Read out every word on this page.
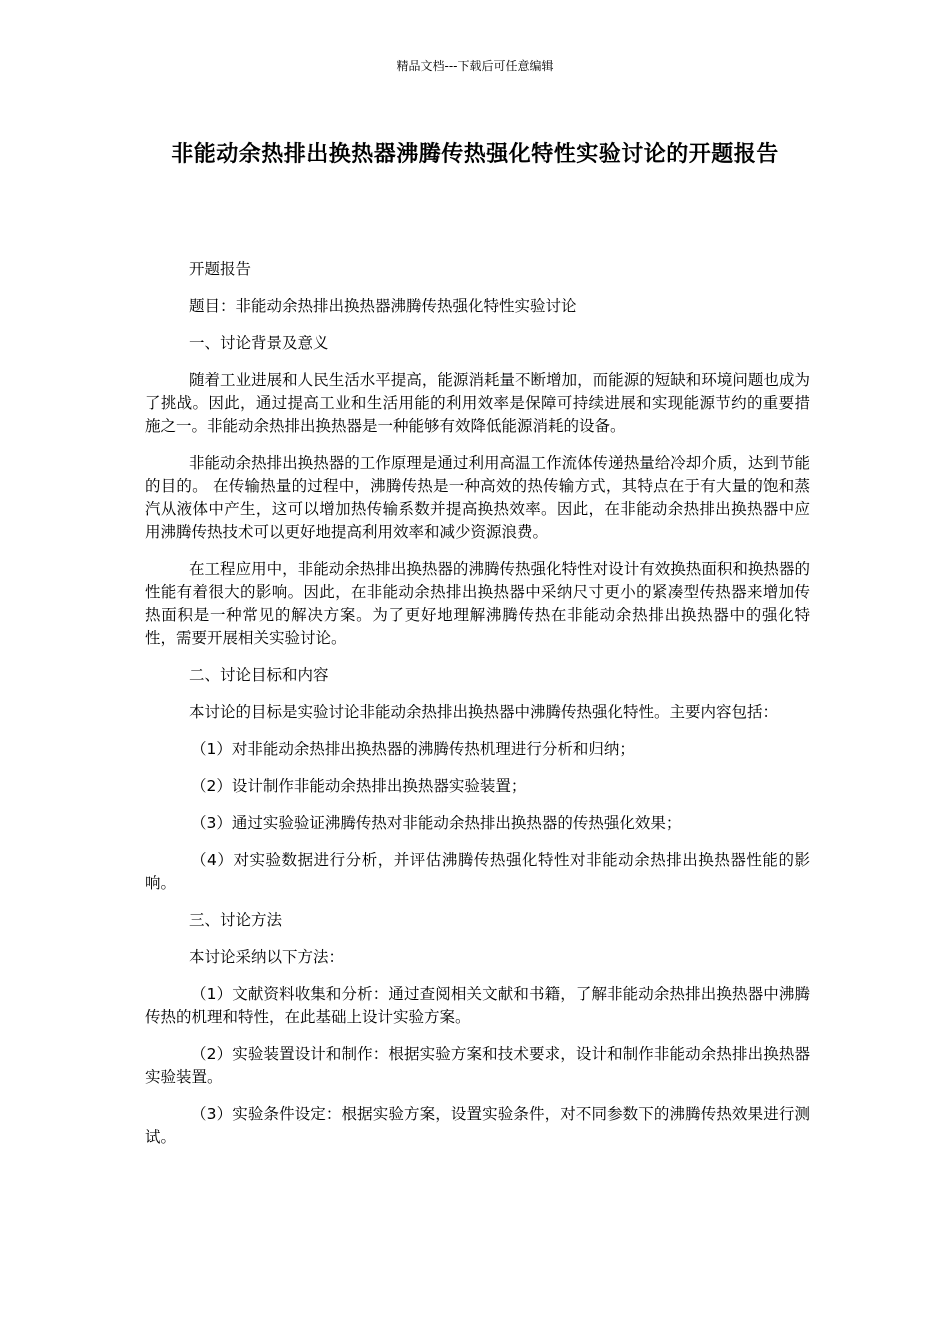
精品文档---下载后可任意编辑
非能动余热排出换热器沸腾传热强化特性实验讨论的开题报告

开题报告

题目：非能动余热排出换热器沸腾传热强化特性实验讨论

一、讨论背景及意义

随着工业进展和人民生活水平提高，能源消耗量不断增加，而能源的短缺和环境问题也成为了挑战。因此，通过提高工业和生活用能的利用效率是保障可持续进展和实现能源节约的重要措施之一。非能动余热排出换热器是一种能够有效降低能源消耗的设备。

非能动余热排出换热器的工作原理是通过利用高温工作流体传递热量给冷却介质，达到节能的目的。 在传输热量的过程中，沸腾传热是一种高效的热传输方式，其特点在于有大量的饱和蒸汽从液体中产生，这可以增加热传输系数并提高换热效率。因此，在非能动余热排出换热器中应用沸腾传热技术可以更好地提高利用效率和减少资源浪费。

在工程应用中，非能动余热排出换热器的沸腾传热强化特性对设计有效换热面积和换热器的性能有着很大的影响。因此，在非能动余热排出换热器中采纳尺寸更小的紧凑型传热器来增加传热面积是一种常见的解决方案。为了更好地理解沸腾传热在非能动余热排出换热器中的强化特性，需要开展相关实验讨论。

二、讨论目标和内容

本讨论的目标是实验讨论非能动余热排出换热器中沸腾传热强化特性。主要内容包括：

（1）对非能动余热排出换热器的沸腾传热机理进行分析和归纳；

（2）设计制作非能动余热排出换热器实验装置；

（3）通过实验验证沸腾传热对非能动余热排出换热器的传热强化效果；

（4）对实验数据进行分析，并评估沸腾传热强化特性对非能动余热排出换热器性能的影响。

三、讨论方法

本讨论采纳以下方法：

（1）文献资料收集和分析：通过查阅相关文献和书籍，了解非能动余热排出换热器中沸腾传热的机理和特性，在此基础上设计实验方案。

（2）实验装置设计和制作：根据实验方案和技术要求，设计和制作非能动余热排出换热器实验装置。

（3）实验条件设定：根据实验方案，设置实验条件，对不同参数下的沸腾传热效果进行测试。
